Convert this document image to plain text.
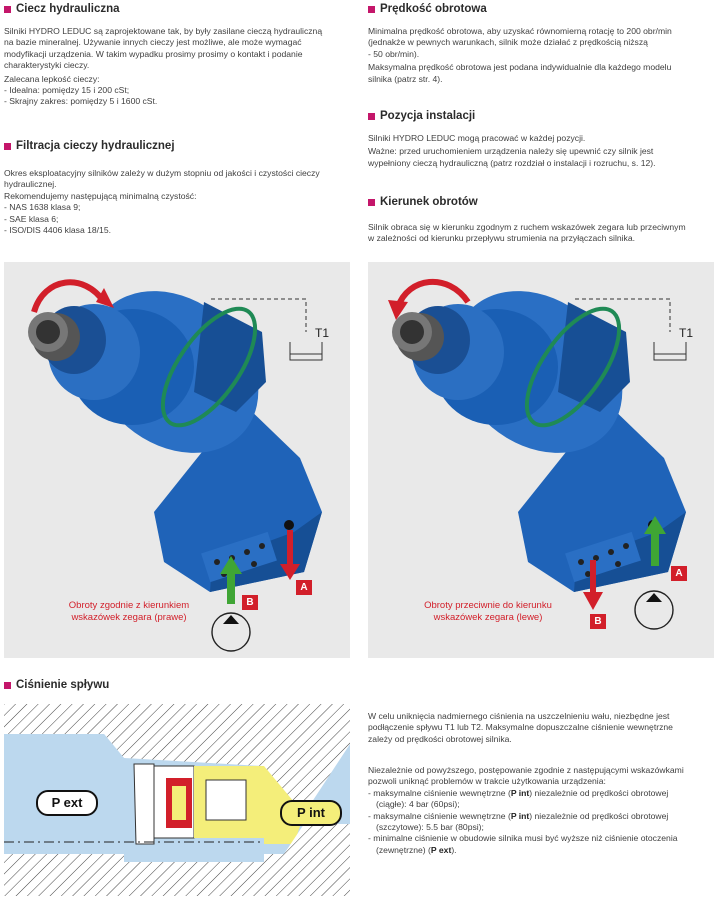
Ciecz hydrauliczna

Silniki HYDRO LEDUC są zaprojektowane tak, by były zasilane cieczą hydrauliczną

na bazie mineralnej. Używanie innych cieczy jest możliwe, ale może wymagać

modyfikacji urządzenia. W takim wypadku prosimy prosimy o kontakt i podanie

charakterystyki cieczy.

Zalecana lepkość cieczy:

- Idealna: pomiędzy 15 i 200 cSt;

- Skrajny zakres: pomiędzy 5 i 1600 cSt.

Filtracja cieczy hydraulicznej

Okres eksploatacyjny silników zależy w dużym stopniu od jakości i czystości cieczy

hydraulicznej.

Rekomendujemy następującą minimalną czystość:

- NAS 1638 klasa 9;

- SAE klasa 6;

- ISO/DIS 4406 klasa 18/15.

Prędkość obrotowa

Minimalna prędkość obrotowa, aby uzyskać równomierną rotację to 200 obr/min

(jednakże w pewnych warunkach, silnik może działać z prędkością niższą

- 50 obr/min).

Maksymalna prędkość obrotowa jest podana indywidualnie dla każdego modelu

silnika (patrz str. 4).

Pozycja instalacji

Silniki HYDRO LEDUC mogą pracować w każdej pozycji.

Ważne: przed uruchomieniem urządzenia należy się upewnić czy silnik jest

wypełniony cieczą hydrauliczną (patrz rozdział o instalacji i rozruchu, s. 12).

Kierunek obrotów

Silnik obraca się w kierunku zgodnym z ruchem wskazówek zegara lub przeciwnym

w zależności od kierunku przepływu strumienia na przyłączach silnika.

T1
A
B
Obroty zgodnie z kierunkiem
wskazówek zegara (prawe)
T1
A
B
Obroty przeciwnie do kierunku
wskazówek zegara (lewe)
Ciśnienie spływu
P ext
P int

W celu uniknięcia nadmiernego ciśnienia na uszczelnieniu wału, niezbędne jest

podłączenie spływu T1 lub T2. Maksymalne dopuszczalne ciśnienie wewnętrzne

zależy od prędkości obrotowej silnika.

Niezależnie od powyższego, postępowanie zgodnie z następującymi wskazówkami

pozwoli uniknąć problemów w trakcie użytkowania urządzenia:

- maksymalne ciśnienie wewnętrzne (P int) niezależnie od prędkości obrotowej

(ciągłe): 4 bar (60psi);

- maksymalne ciśnienie wewnętrzne (P int) niezależnie od prędkości obrotowej

(szczytowe): 5.5 bar (80psi);

- minimalne ciśnienie w obudowie silnika musi być wyższe niż ciśnienie otoczenia

(zewnętrzne) (P ext).
